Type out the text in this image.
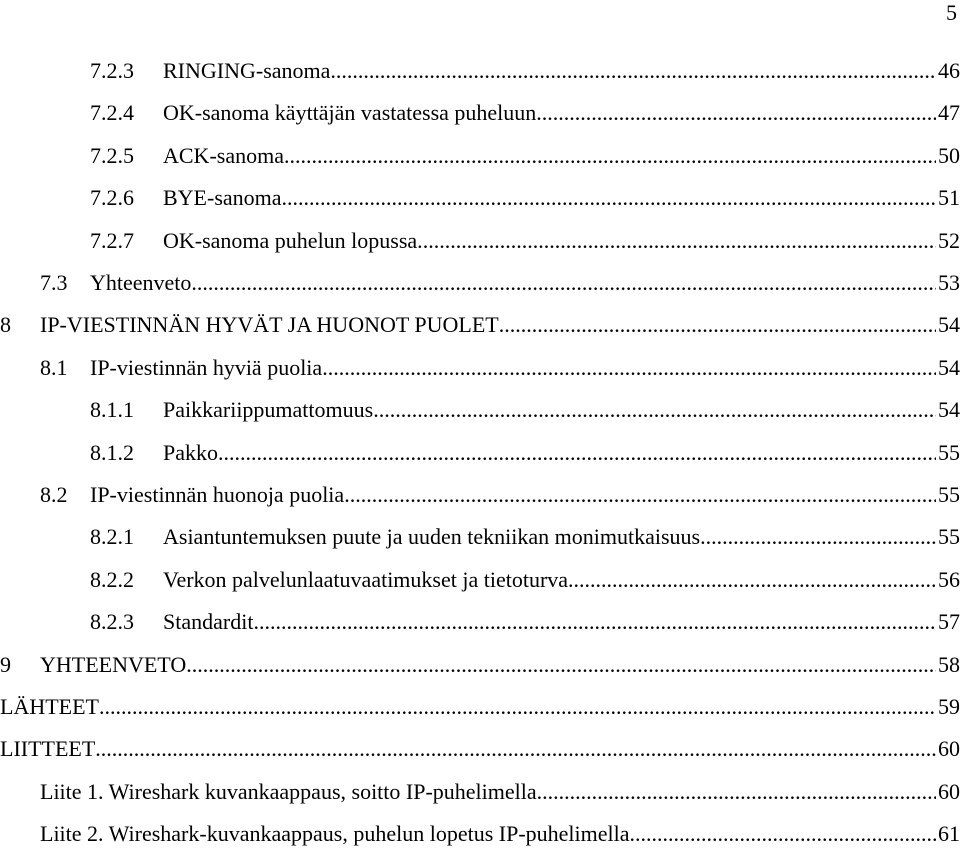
5
7.2.3	RINGING-sanoma .....	46
7.2.4	OK-sanoma käyttäjän vastatessa puheluun .....	47
7.2.5	ACK-sanoma .....	50
7.2.6	BYE-sanoma .....	51
7.2.7	OK-sanoma puhelun lopussa. .....	52
7.3	Yhteenveto .....	53
8	IP-VIESTINNÄN HYVÄT JA HUONOT PUOLET .....	54
8.1	IP-viestinnän hyviä puolia .....	54
8.1.1	Paikkariippumattomuus .....	54
8.1.2	Pakko .....	55
8.2	IP-viestinnän huonoja puolia .....	55
8.2.1	Asiantuntemuksen puute ja uuden tekniikan monimutkaisuus .....	55
8.2.2	Verkon palvelunlaatuvaatimukset ja tietoturva .....	56
8.2.3	Standardit .....	57
9	YHTEENVETO .....	58
LÄHTEET .....	59
LIITTEET .....	60
Liite 1. Wireshark kuvankaappaus, soitto IP-puhelimella. .....	60
Liite 2. Wireshark-kuvankaappaus, puhelun lopetus IP-puhelimella. .....	61
